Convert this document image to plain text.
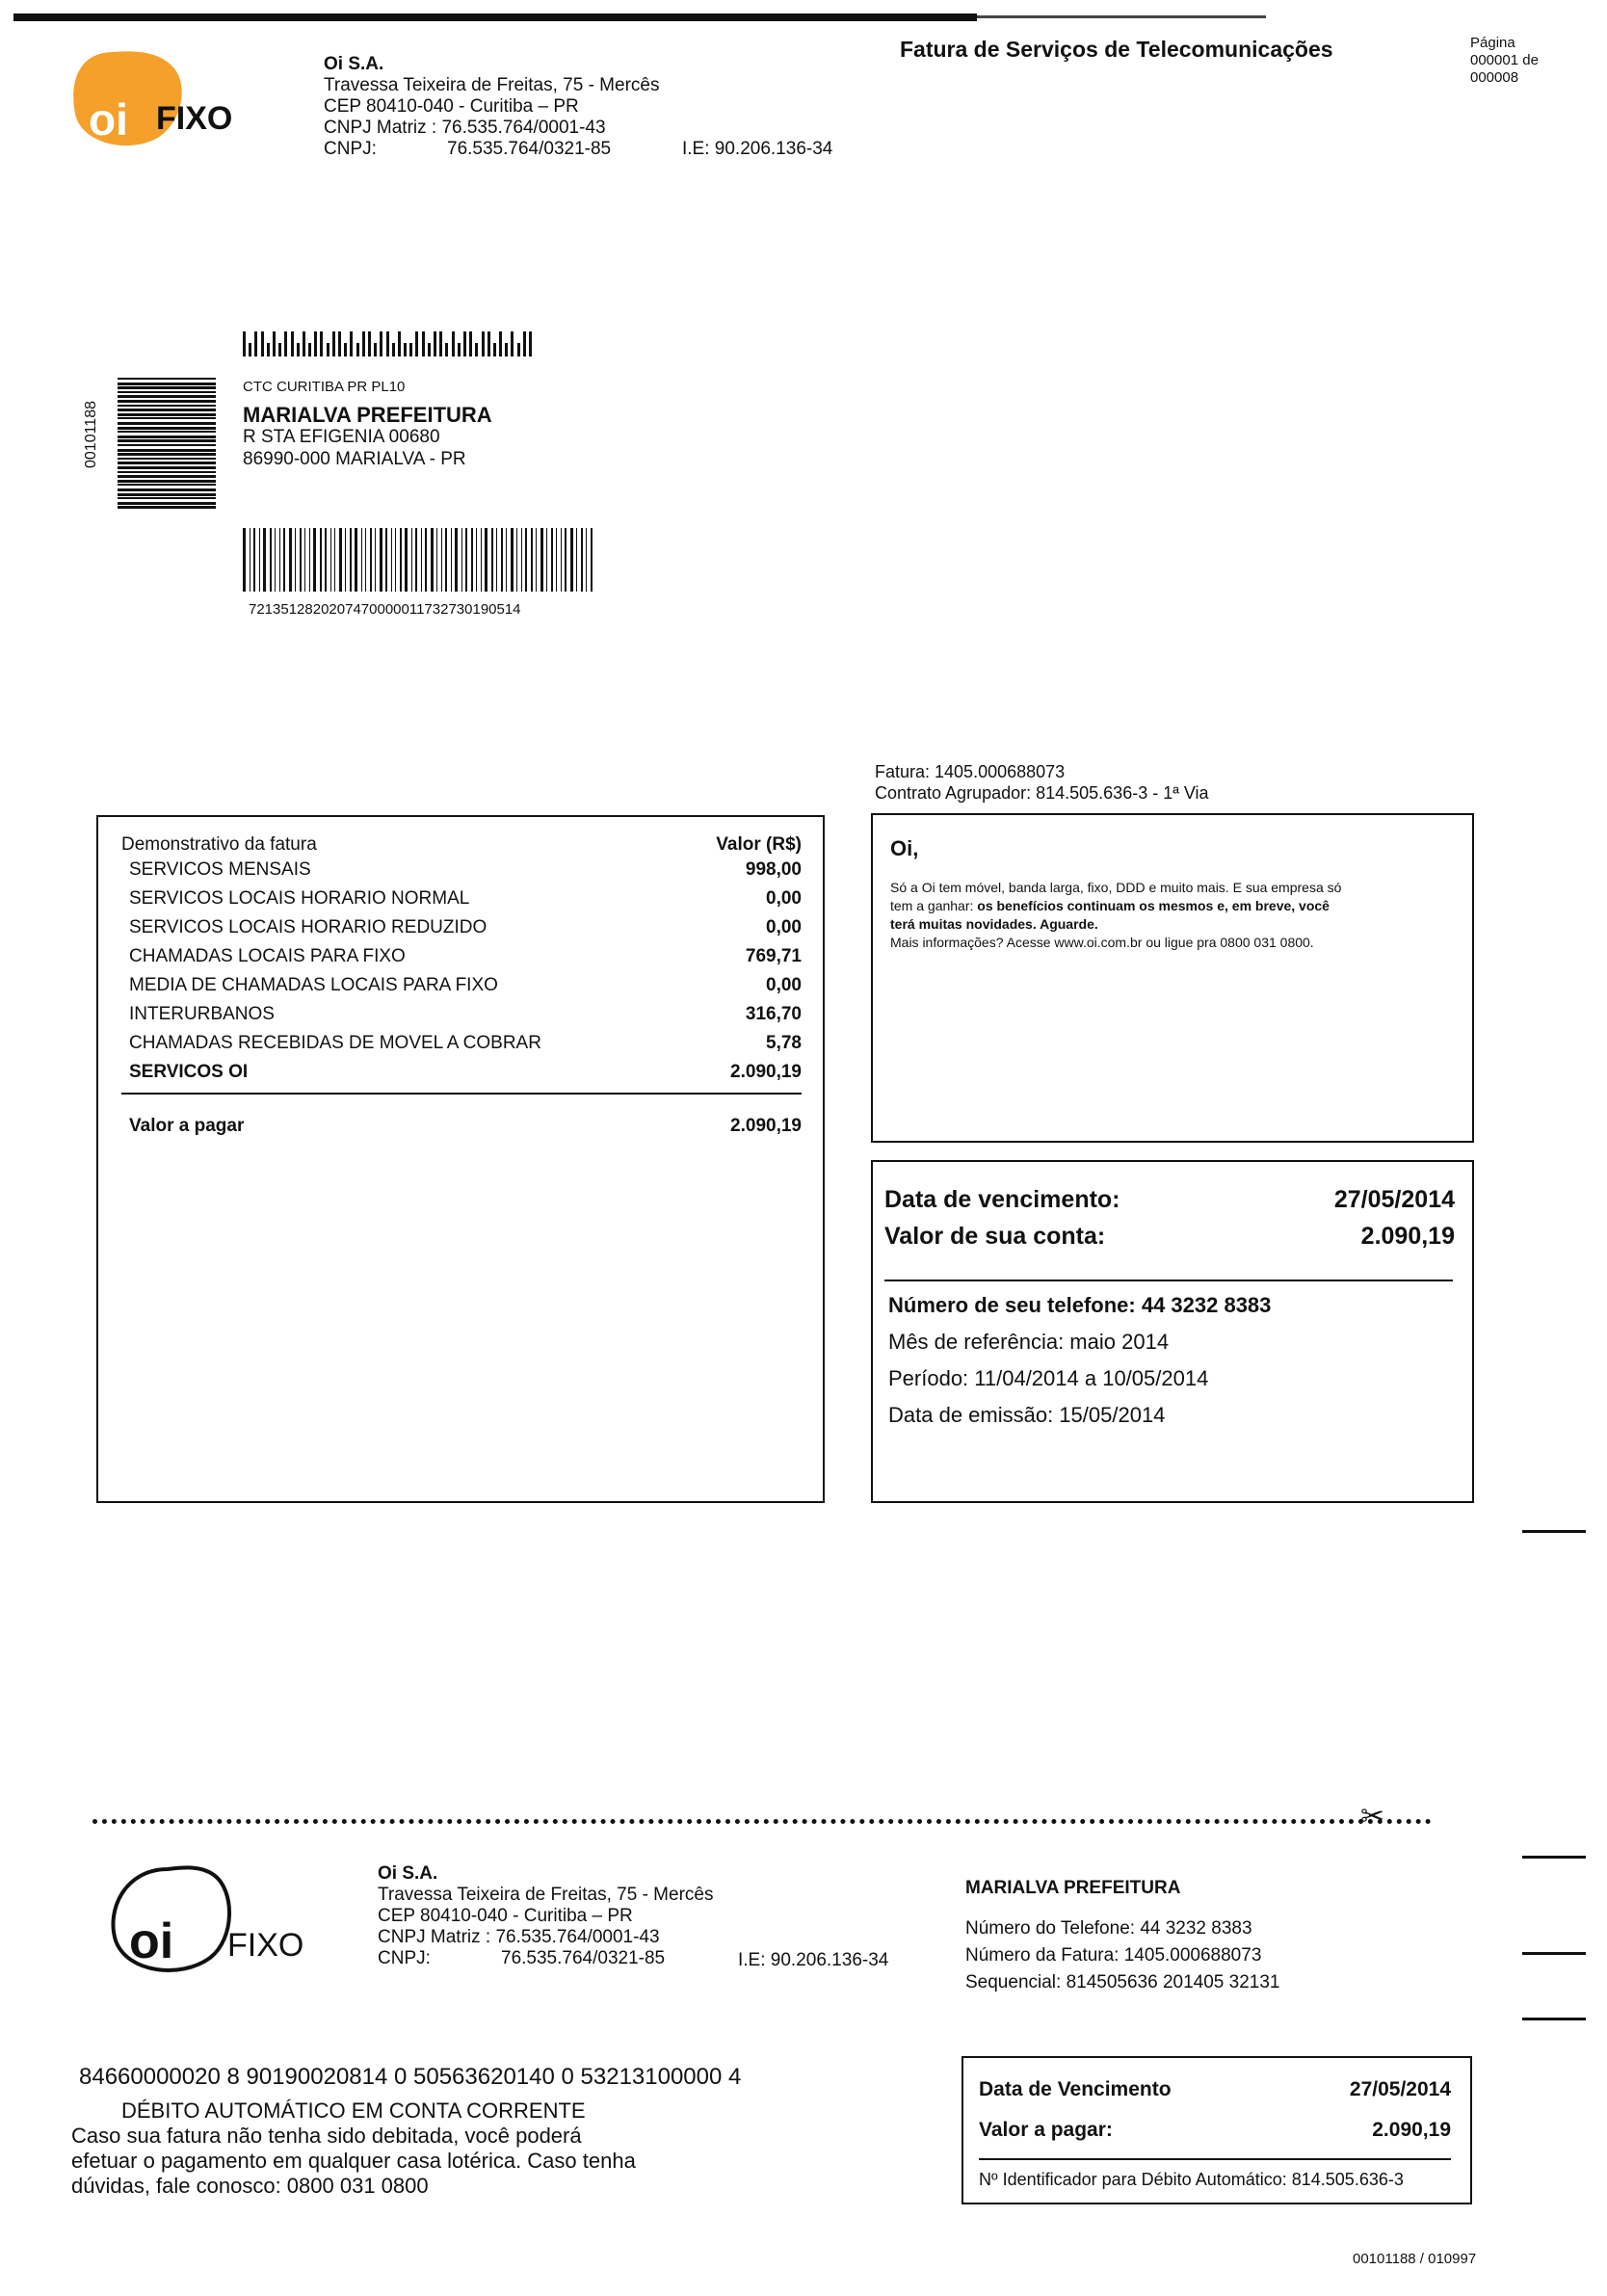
oi FIXO
Oi S.A.
Travessa Teixeira de Freitas, 75 - Mercês
CEP 80410-040 - Curitiba – PR
CNPJ Matriz : 76.535.764/0001-43
CNPJ:	76.535.764/0321-85	I.E: 90.206.136-34
Fatura de Serviços de Telecomunicações	Página
000001 de
000008
00101188
CTC CURITIBA PR PL10
MARIALVA PREFEITURA
R STA EFIGENIA 00680
86990-000 MARIALVA - PR
7213512820207470000011732730190514
Fatura: 1405.000688073
Contrato Agrupador: 814.505.636-3 - 1ª Via
Demonstrativo da fatura	Valor (R$)
SERVICOS MENSAIS	998,00
SERVICOS LOCAIS HORARIO NORMAL	0,00
SERVICOS LOCAIS HORARIO REDUZIDO	0,00
CHAMADAS LOCAIS PARA FIXO	769,71
MEDIA DE CHAMADAS LOCAIS PARA FIXO	0,00
INTERURBANOS	316,70
CHAMADAS RECEBIDAS DE MOVEL A COBRAR	5,78
SERVICOS OI	2.090,19
Valor a pagar	2.090,19
Oi,
Só a Oi tem móvel, banda larga, fixo, DDD e muito mais. E sua empresa só
tem a ganhar: os benefícios continuam os mesmos e, em breve, você
terá muitas novidades. Aguarde.
Mais informações? Acesse www.oi.com.br ou ligue pra 0800 031 0800.
Data de vencimento:	27/05/2014
Valor de sua conta:	2.090,19
Número de seu telefone: 44 3232 8383
Mês de referência: maio 2014
Período: 11/04/2014 a 10/05/2014
Data de emissão: 15/05/2014
✂
oi FIXO
Oi S.A.
Travessa Teixeira de Freitas, 75 - Mercês
CEP 80410-040 - Curitiba – PR
CNPJ Matriz : 76.535.764/0001-43
CNPJ:	76.535.764/0321-85	I.E: 90.206.136-34
MARIALVA PREFEITURA
Número do Telefone: 44 3232 8383
Número da Fatura: 1405.000688073
Sequencial: 814505636 201405 32131
84660000020 8 90190020814 0 50563620140 0 53213100000 4
DÉBITO AUTOMÁTICO EM CONTA CORRENTE
Caso sua fatura não tenha sido debitada, você poderá
efetuar o pagamento em qualquer casa lotérica. Caso tenha
dúvidas, fale conosco: 0800 031 0800
Data de Vencimento	27/05/2014
Valor a pagar:	2.090,19
Nº Identificador para Débito Automático: 814.505.636-3
00101188 / 010997
